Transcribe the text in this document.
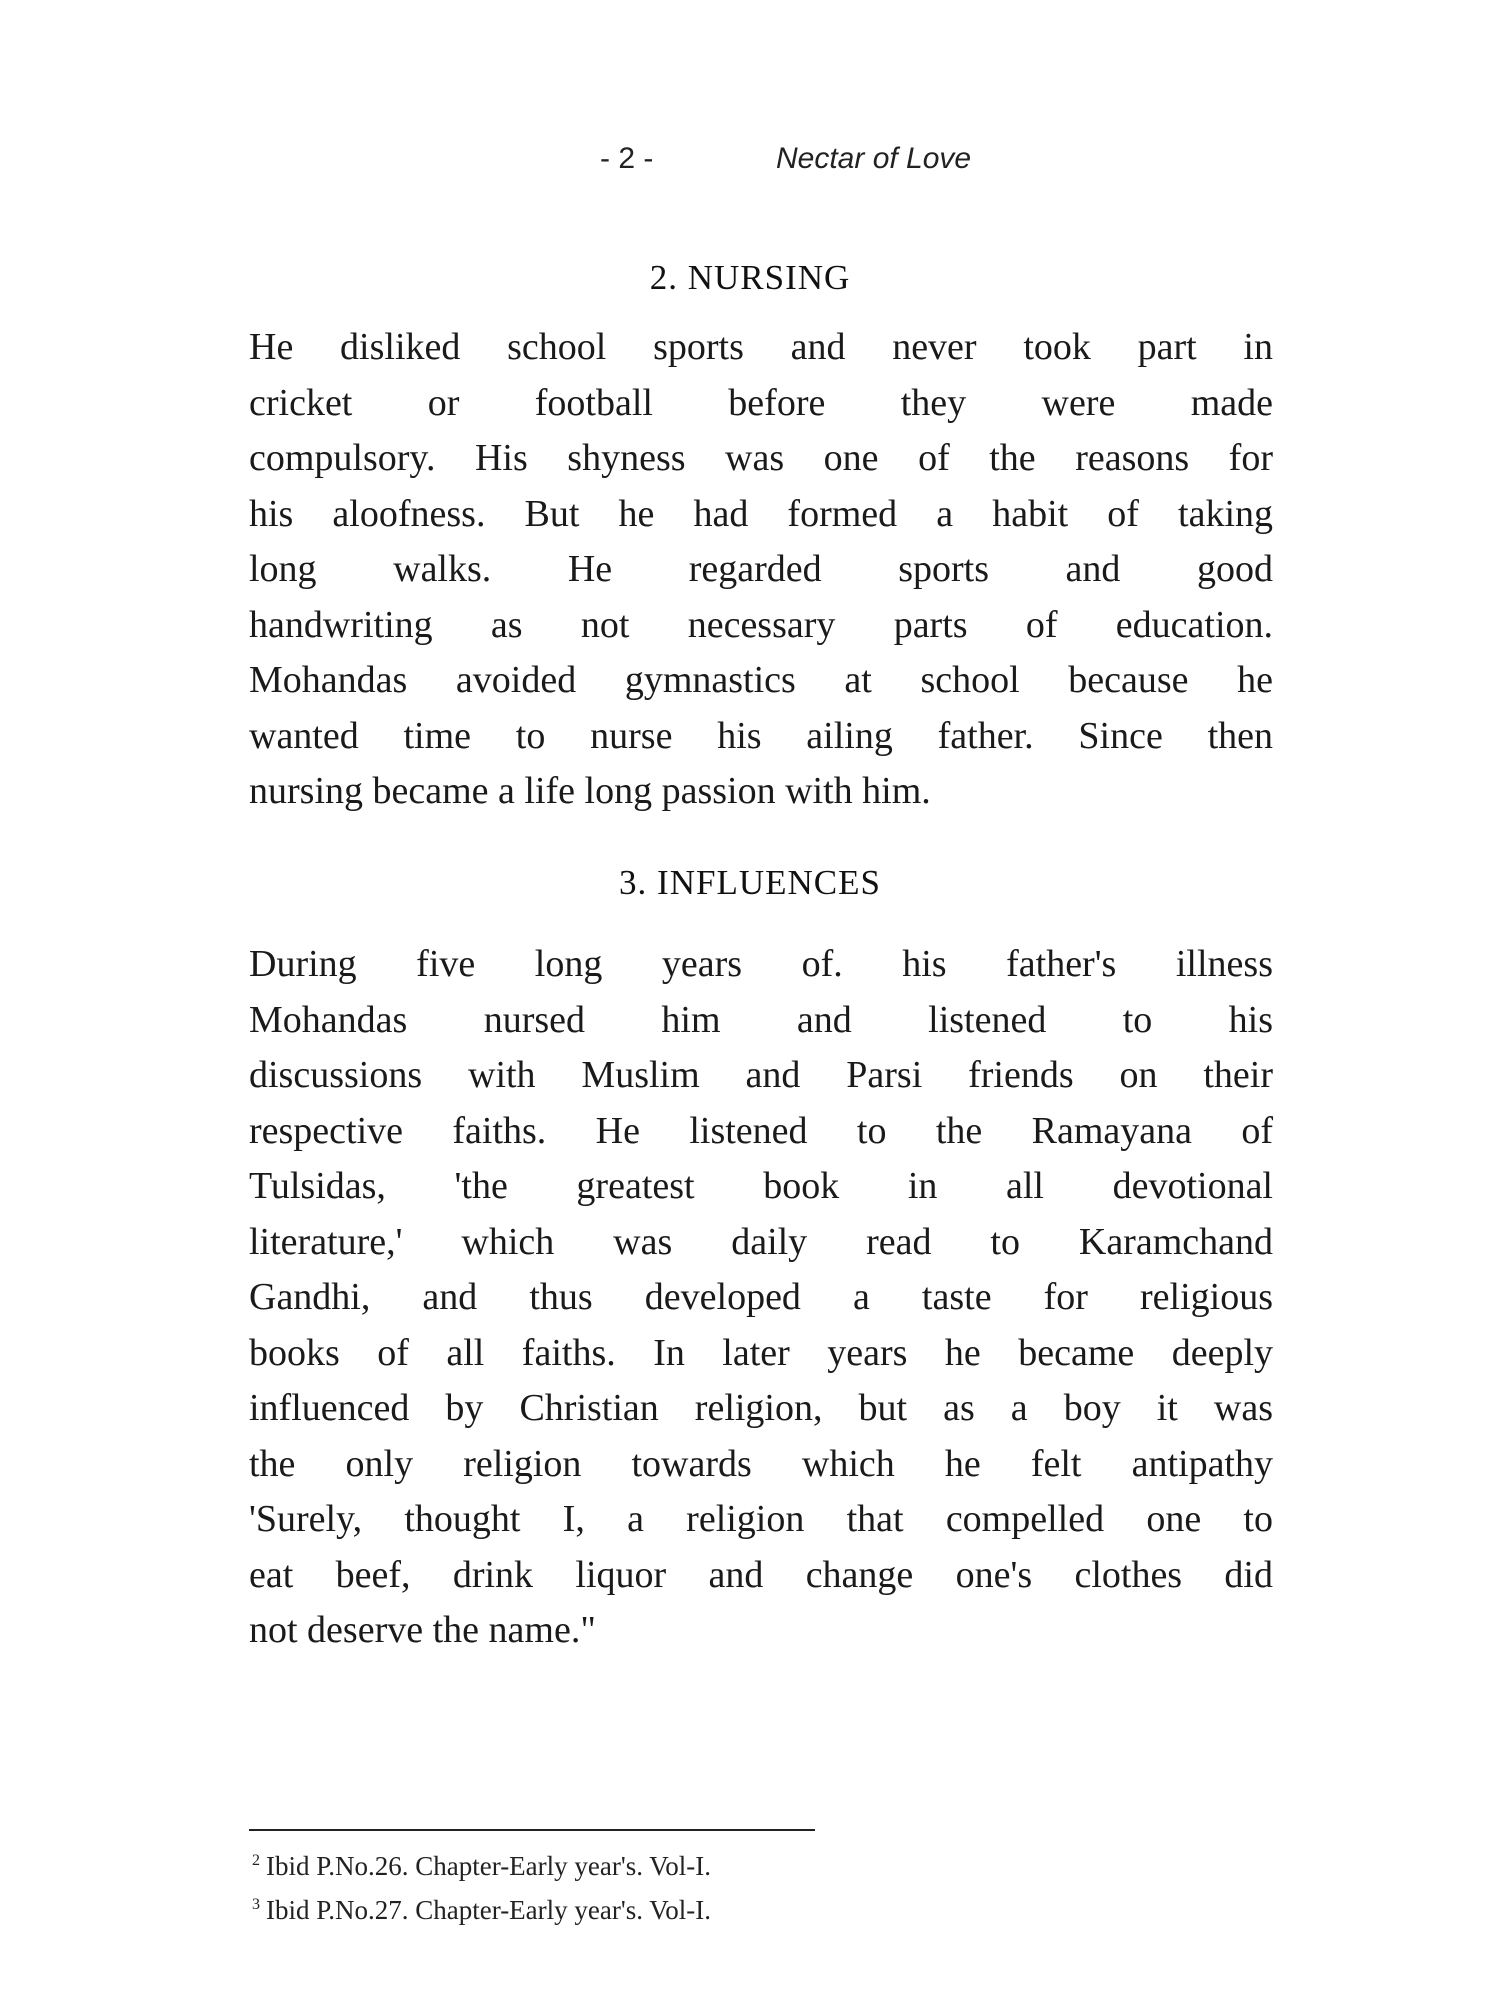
- 2 -	Nectar of Love
2. NURSING
He disliked school sports and never took part in
cricket or football before they were made
compulsory. His shyness was one of the reasons for
his aloofness. But he had formed a habit of taking
long walks. He regarded sports and good
handwriting as not necessary parts of education.
Mohandas avoided gymnastics at school because he
wanted time to nurse his ailing father. Since then
nursing became a life long passion with him.
3. INFLUENCES
During five long years of. his father's illness
Mohandas nursed him and listened to his
discussions with Muslim and Parsi friends on their
respective faiths. He listened to the Ramayana of
Tulsidas, 'the greatest book in all devotional
literature,' which was daily read to Karamchand
Gandhi, and thus developed a taste for religious
books of all faiths. In later years he became deeply
influenced by Christian religion, but as a boy it was
the only religion towards which he felt antipathy
'Surely, thought I, a religion that compelled one to
eat beef, drink liquor and change one's clothes did
not deserve the name."
$^2$ Ibid P.No.26. Chapter-Early year's. Vol-I.
$^3$ Ibid P.No.27. Chapter-Early year's. Vol-I.
